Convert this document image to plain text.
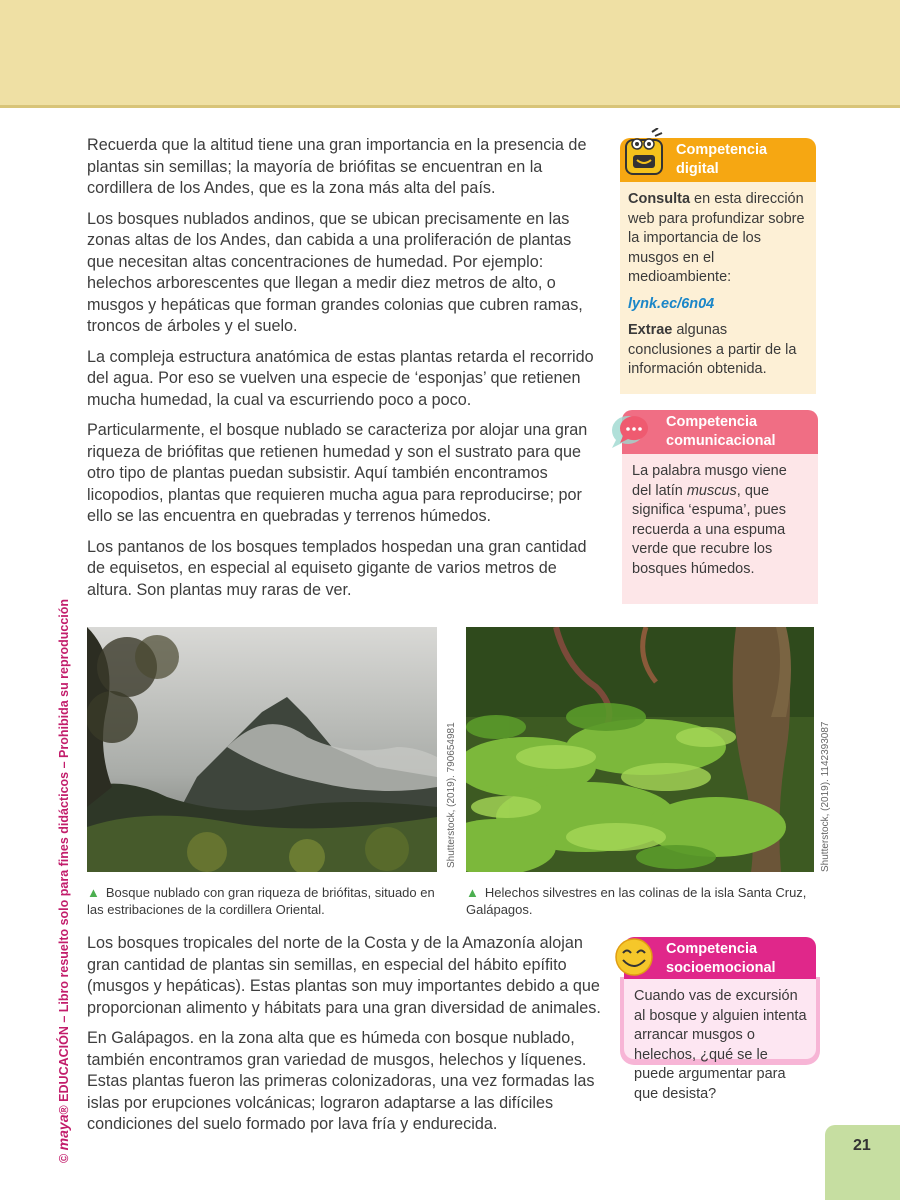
© maya® EDUCACIÓN – Libro resuelto solo para fines didácticos – Prohibida su reproducción

Recuerda que la altitud tiene una gran importancia en la presencia de plantas sin semillas; la mayoría de briófitas se encuentran en la cordillera de los Andes, que es la zona más alta del país.

Los bosques nublados andinos, que se ubican precisamente en las zonas altas de los Andes, dan cabida a una proliferación de plantas que necesitan altas concentraciones de humedad. Por ejemplo: helechos arborescentes que llegan a medir diez metros de alto, o musgos y hepáticas que forman grandes colonias que cubren ramas, troncos de árboles y el suelo.

La compleja estructura anatómica de estas plantas retarda el recorrido del agua. Por eso se vuelven una especie de ‘esponjas’ que retienen mucha humedad, la cual va escurriendo poco a poco.

Particularmente, el bosque nublado se caracteriza por alojar una gran riqueza de briófitas que retienen humedad y son el sustrato para que otro tipo de plantas puedan subsistir. Aquí también encontramos licopodios, plantas que requieren mucha agua para reproducirse; por ello se las encuentra en quebradas y terrenos húmedos.

Los pantanos de los bosques templados hospedan una gran cantidad de equisetos, en especial al equiseto gigante de varios metros de altura. Son plantas muy raras de ver.

Competencia
digital

Consulta en esta dirección web para profundizar sobre la importancia de los musgos en el medioambiente:

lynk.ec/6n04

Extrae algunas conclusiones a partir de la información obtenida.

Competencia
comunicacional
La palabra musgo viene del latín muscus, que significa ‘espuma’, pues recuerda a una espuma verde que recubre los bosques húmedos.
Shutterstock, (2019). 790654981
▲ Bosque nublado con gran riqueza de briófitas, situado en las estribaciones de la cordillera Oriental.
Shutterstock, (2019). 1142393087
▲ Helechos silvestres en las colinas de la isla Santa Cruz, Galápagos.

Los bosques tropicales del norte de la Costa y de la Amazonía alojan gran cantidad de plantas sin semillas, en especial del hábito epífito (musgos y hepáticas). Estas plantas son muy importantes debido a que proporcionan alimento y hábitats para una gran diversidad de animales.

En Galápagos. en la zona alta que es húmeda con bosque nublado, también encontramos gran variedad de musgos, helechos y líquenes. Estas plantas fueron las primeras colonizadoras, una vez formadas las islas por erupciones volcánicas; lograron adaptarse a las difíciles condiciones del suelo formado por lava fría y endurecida.

Competencia
socioemocional
Cuando vas de excursión al bosque y alguien intenta arrancar musgos o helechos, ¿qué se le puede argumentar para que desista?
21
